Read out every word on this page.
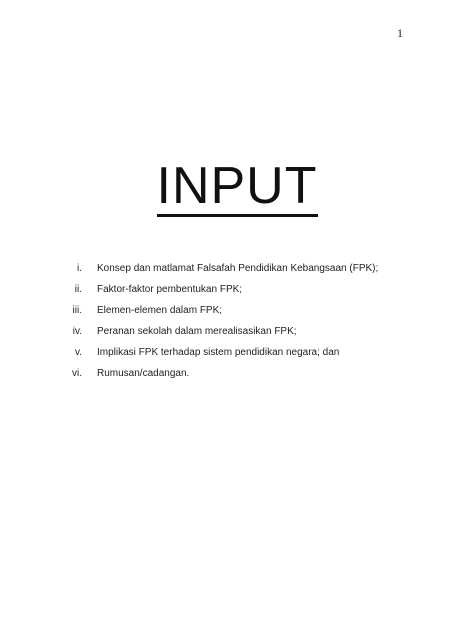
1
INPUT
i. Konsep dan matlamat Falsafah Pendidikan Kebangsaan (FPK);
ii. Faktor-faktor pembentukan FPK;
iii. Elemen-elemen dalam FPK;
iv. Peranan sekolah dalam merealisasikan FPK;
v. Implikasi FPK terhadap sistem pendidikan negara; dan
vi. Rumusan/cadangan.
